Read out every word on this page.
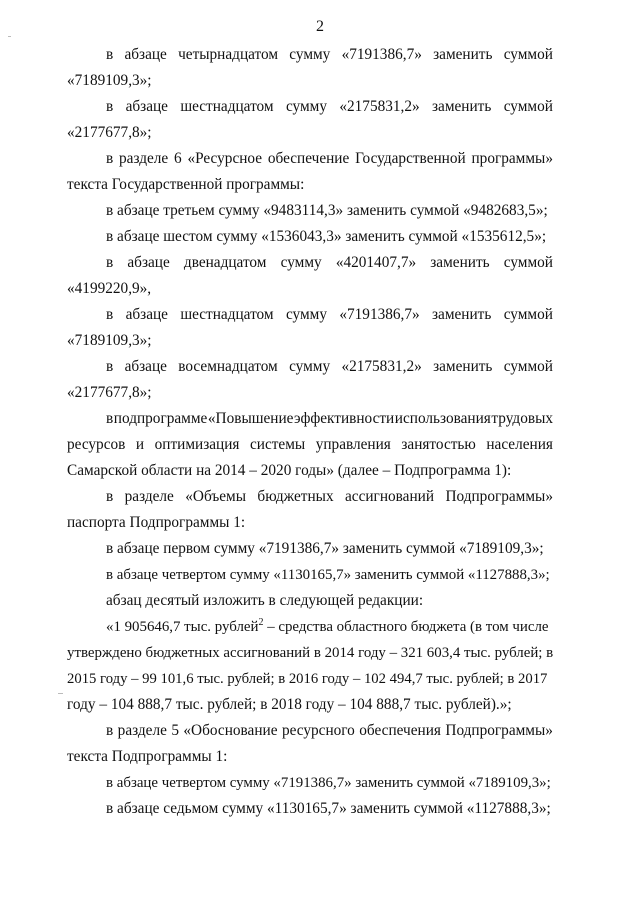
2
в абзаце четырнадцатом сумму «7191386,7» заменить суммой
«7189109,3»;
в абзаце шестнадцатом сумму «2175831,2» заменить суммой
«2177677,8»;
в разделе 6 «Ресурсное обеспечение Государственной программы»
текста Государственной программы:
в абзаце третьем сумму «9483114,3» заменить суммой «9482683,5»;
в абзаце шестом сумму «1536043,3» заменить суммой «1535612,5»;
в абзаце двенадцатом сумму «4201407,7» заменить суммой
«4199220,9»,
в абзаце шестнадцатом сумму «7191386,7» заменить суммой
«7189109,3»;
в абзаце восемнадцатом сумму «2175831,2» заменить суммой
«2177677,8»;
в подпрограмме «Повышение эффективности использования трудовых
ресурсов и оптимизация системы управления занятостью населения
Самарской области на 2014 – 2020 годы» (далее – Подпрограмма 1):
в разделе «Объемы бюджетных ассигнований Подпрограммы»
паспорта Подпрограммы 1:
в абзаце первом сумму «7191386,7» заменить суммой «7189109,3»;
в абзаце четвертом сумму «1130165,7» заменить суммой «1127888,3»;
абзац десятый изложить в следующей редакции:
«1 905646,7 тыс. рублей$^2$ – средства областного бюджета (в том числе
утверждено бюджетных ассигнований в 2014 году – 321 603,4 тыс. рублей; в
2015 году – 99 101,6 тыс. рублей; в 2016 году – 102 494,7 тыс. рублей; в 2017
году – 104 888,7 тыс. рублей; в 2018 году – 104 888,7 тыс. рублей).»;
в разделе 5 «Обоснование ресурсного обеспечения Подпрограммы»
текста Подпрограммы 1:
в абзаце четвертом сумму «7191386,7» заменить суммой «7189109,3»;
в абзаце седьмом сумму «1130165,7» заменить суммой «1127888,3»;
